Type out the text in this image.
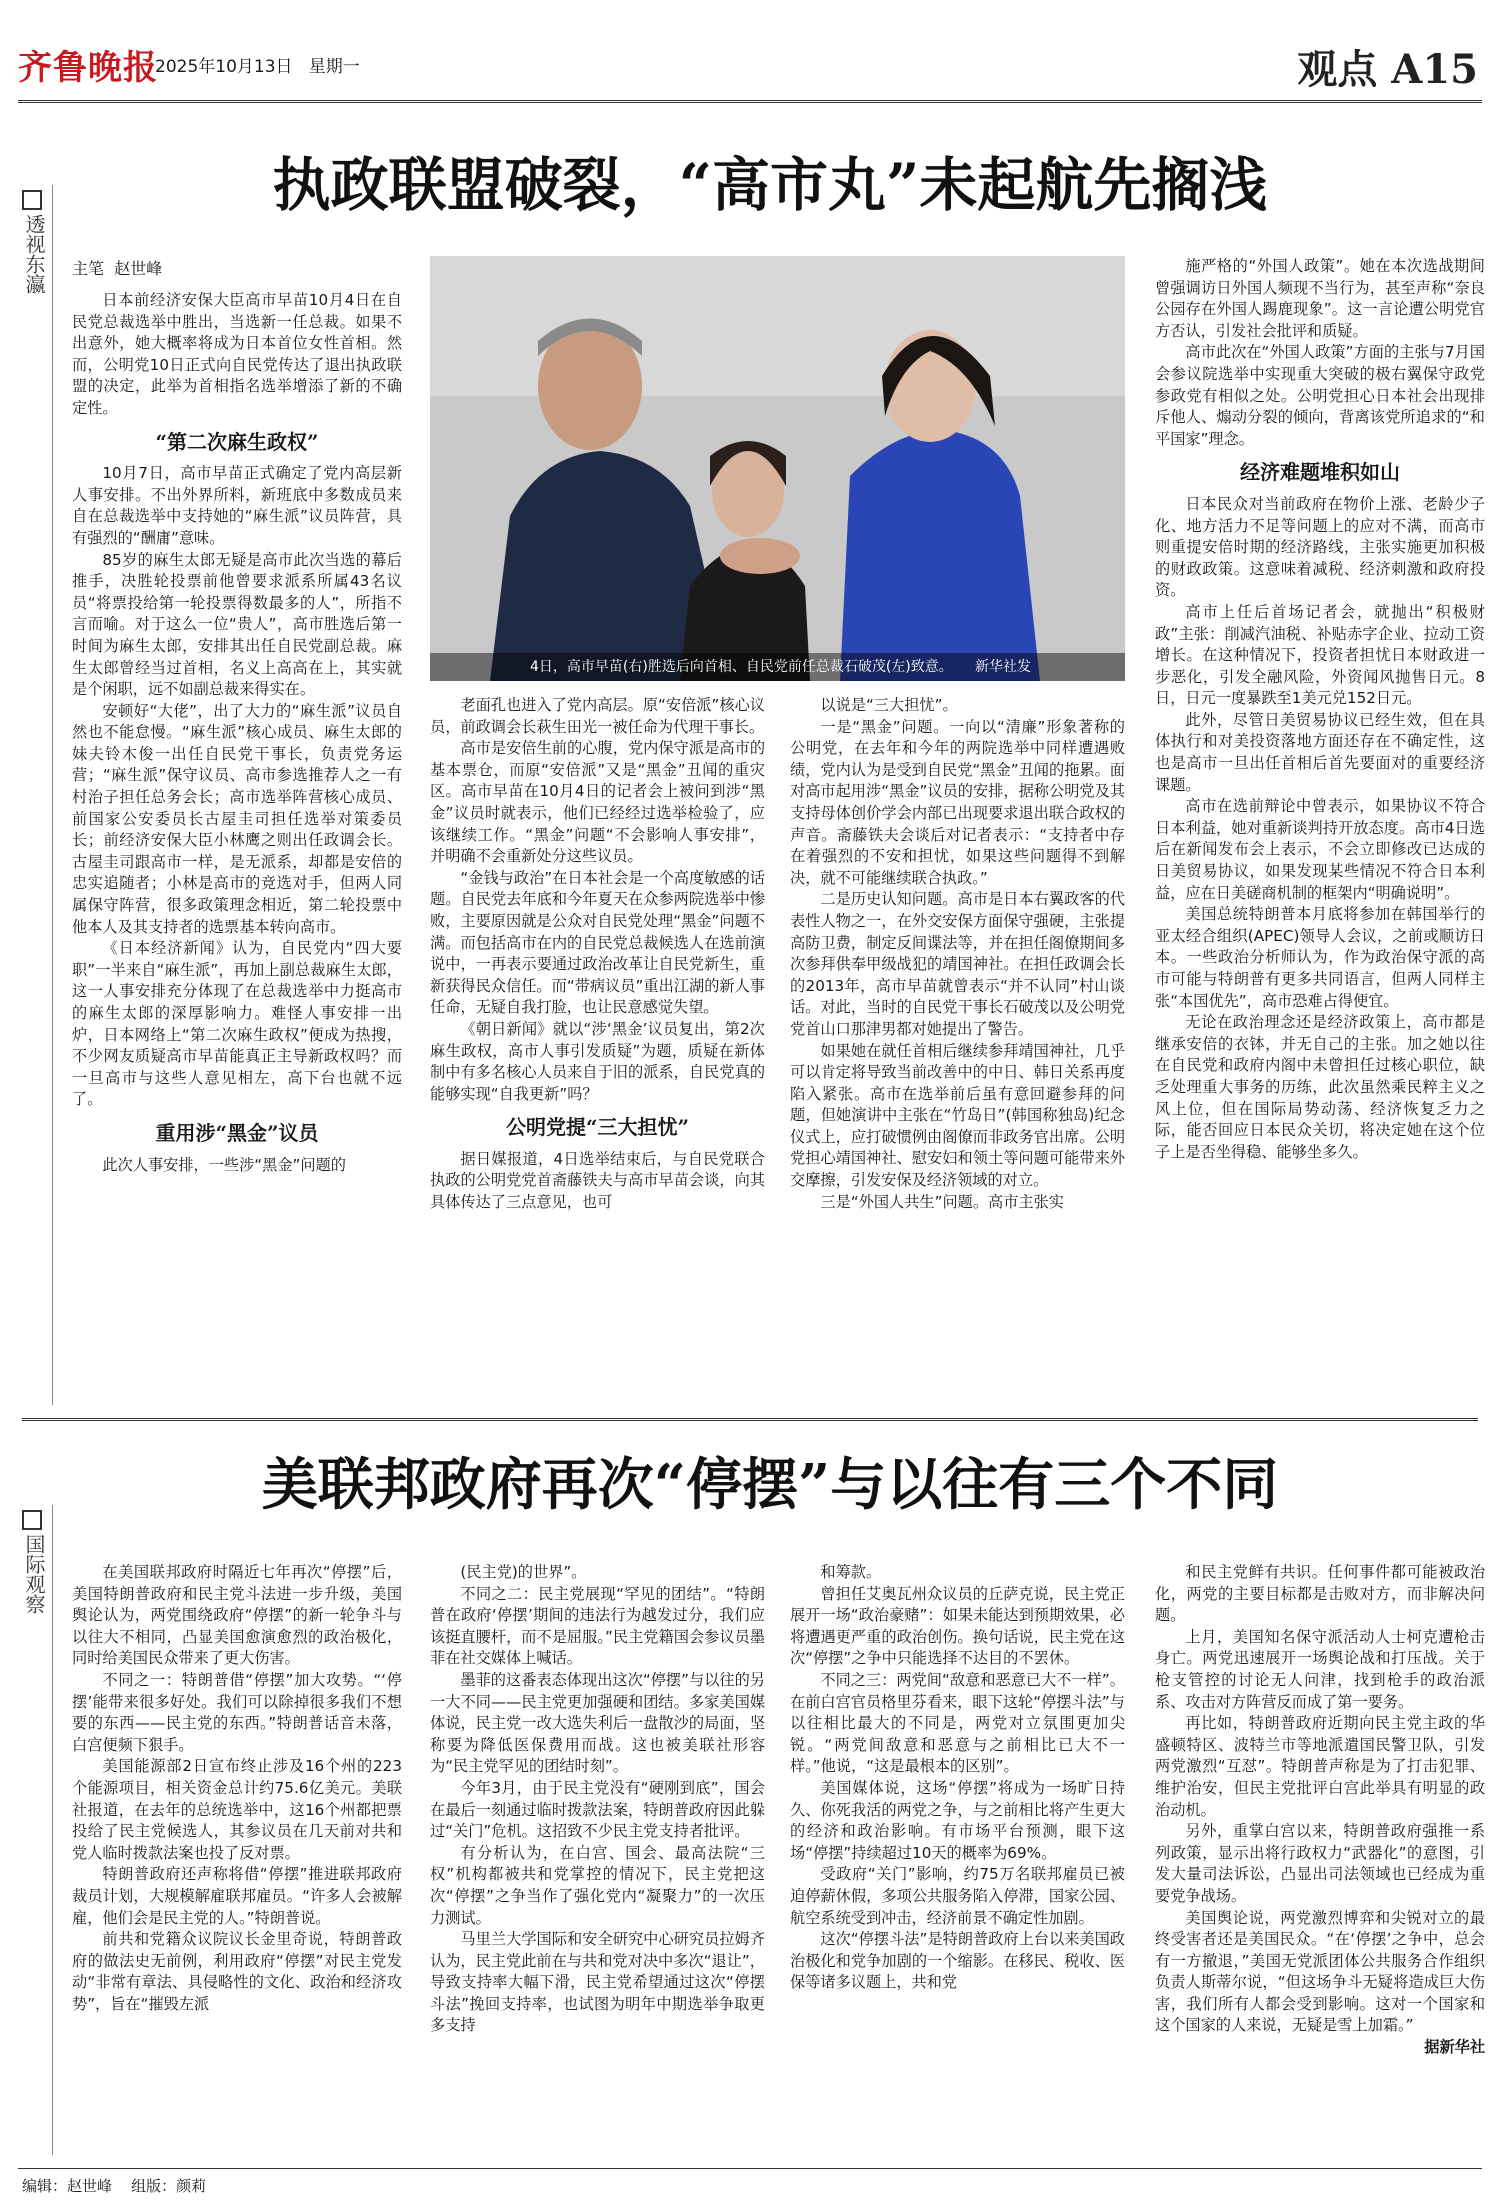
齐鲁晚报
2025年10月13日 星期一	观点 A15
透视东瀛
执政联盟破裂，“高市丸”未起航先搁浅
主笔 赵世峰

日本前经济安保大臣高市早苗10月4日在自民党总裁选举中胜出，当选新一任总裁。如果不出意外，她大概率将成为日本首位女性首相。然而，公明党10日正式向自民党传达了退出执政联盟的决定，此举为首相指名选举增添了新的不确定性。

“第二次麻生政权”

10月7日，高市早苗正式确定了党内高层新人事安排。不出外界所料，新班底中多数成员来自在总裁选举中支持她的“麻生派”议员阵营，具有强烈的“酬庸”意味。

85岁的麻生太郎无疑是高市此次当选的幕后推手，决胜轮投票前他曾要求派系所属43名议员“将票投给第一轮投票得数最多的人”，所指不言而喻。对于这么一位“贵人”，高市胜选后第一时间为麻生太郎，安排其出任自民党副总裁。麻生太郎曾经当过首相，名义上高高在上，其实就是个闲职，远不如副总裁来得实在。

安顿好“大佬”，出了大力的“麻生派”议员自然也不能怠慢。“麻生派”核心成员、麻生太郎的妹夫铃木俊一出任自民党干事长，负责党务运营；“麻生派”保守议员、高市参选推荐人之一有村治子担任总务会长；高市选举阵营核心成员、前国家公安委员长古屋圭司担任选举对策委员长；前经济安保大臣小林鹰之则出任政调会长。古屋圭司跟高市一样，是无派系，却都是安倍的忠实追随者；小林是高市的竞选对手，但两人同属保守阵营，很多政策理念相近，第二轮投票中他本人及其支持者的选票基本转向高市。

《日本经济新闻》认为，自民党内“四大要职”一半来自“麻生派”，再加上副总裁麻生太郎，这一人事安排充分体现了在总裁选举中力挺高市的麻生太郎的深厚影响力。难怪人事安排一出炉，日本网络上“第二次麻生政权”便成为热搜，不少网友质疑高市早苗能真正主导新政权吗？而一旦高市与这些人意见相左，高下台也就不远了。

重用涉“黑金”议员

此次人事安排，一些涉“黑金”问题的

4日，高市早苗(右)胜选后向首相、自民党前任总裁石破茂(左)致意。 新华社发

老面孔也进入了党内高层。原“安倍派”核心议员，前政调会长萩生田光一被任命为代理干事长。

高市是安倍生前的心腹，党内保守派是高市的基本票仓，而原“安倍派”又是“黑金”丑闻的重灾区。高市早苗在10月4日的记者会上被问到涉“黑金”议员时就表示，他们已经经过选举检验了，应该继续工作。“黑金”问题“不会影响人事安排”，并明确不会重新处分这些议员。

“金钱与政治”在日本社会是一个高度敏感的话题。自民党去年底和今年夏天在众参两院选举中惨败，主要原因就是公众对自民党处理“黑金”问题不满。而包括高市在内的自民党总裁候选人在选前演说中，一再表示要通过政治改革让自民党新生，重新获得民众信任。而“带病议员”重出江湖的新人事任命，无疑自我打脸，也让民意感觉失望。

《朝日新闻》就以“涉‘黑金’议员复出，第2次麻生政权，高市人事引发质疑”为题，质疑在新体制中有多名核心人员来自于旧的派系，自民党真的能够实现“自我更新”吗？

公明党提“三大担忧”

据日媒报道，4日选举结束后，与自民党联合执政的公明党党首斋藤铁夫与高市早苗会谈，向其具体传达了三点意见，也可

以说是“三大担忧”。

一是“黑金”问题。一向以“清廉”形象著称的公明党，在去年和今年的两院选举中同样遭遇败绩，党内认为是受到自民党“黑金”丑闻的拖累。面对高市起用涉“黑金”议员的安排，据称公明党及其支持母体创价学会内部已出现要求退出联合政权的声音。斋藤铁夫会谈后对记者表示：“支持者中存在着强烈的不安和担忧，如果这些问题得不到解决，就不可能继续联合执政。”

二是历史认知问题。高市是日本右翼政客的代表性人物之一，在外交安保方面保守强硬，主张提高防卫费，制定反间谍法等，并在担任阁僚期间多次参拜供奉甲级战犯的靖国神社。在担任政调会长的2013年，高市早苗就曾表示“并不认同”村山谈话。对此，当时的自民党干事长石破茂以及公明党党首山口那津男都对她提出了警告。

如果她在就任首相后继续参拜靖国神社，几乎可以肯定将导致当前改善中的中日、韩日关系再度陷入紧张。高市在选举前后虽有意回避参拜的问题，但她演讲中主张在“竹岛日”(韩国称独岛)纪念仪式上，应打破惯例由阁僚而非政务官出席。公明党担心靖国神社、慰安妇和领土等问题可能带来外交摩擦，引发安保及经济领域的对立。

三是“外国人共生”问题。高市主张实

施严格的“外国人政策”。她在本次选战期间曾强调访日外国人频现不当行为，甚至声称“奈良公园存在外国人踢鹿现象”。这一言论遭公明党官方否认，引发社会批评和质疑。

高市此次在“外国人政策”方面的主张与7月国会参议院选举中实现重大突破的极右翼保守政党参政党有相似之处。公明党担心日本社会出现排斥他人、煽动分裂的倾向，背离该党所追求的“和平国家”理念。

经济难题堆积如山

日本民众对当前政府在物价上涨、老龄少子化、地方活力不足等问题上的应对不满，而高市则重提安倍时期的经济路线，主张实施更加积极的财政政策。这意味着减税、经济刺激和政府投资。

高市上任后首场记者会，就抛出“积极财政”主张：削减汽油税、补贴赤字企业、拉动工资增长。在这种情况下，投资者担忧日本财政进一步恶化，引发全融风险，外资闻风抛售日元。8日，日元一度暴跌至1美元兑152日元。

此外，尽管日美贸易协议已经生效，但在具体执行和对美投资落地方面还存在不确定性，这也是高市一旦出任首相后首先要面对的重要经济课题。

高市在选前辩论中曾表示，如果协议不符合日本利益，她对重新谈判持开放态度。高市4日选后在新闻发布会上表示，不会立即修改已达成的日美贸易协议，如果发现某些情况不符合日本利益，应在日美磋商机制的框架内“明确说明”。

美国总统特朗普本月底将参加在韩国举行的亚太经合组织(APEC)领导人会议，之前或顺访日本。一些政治分析师认为，作为政治保守派的高市可能与特朗普有更多共同语言，但两人同样主张“本国优先”，高市恐难占得便宜。

无论在政治理念还是经济政策上，高市都是继承安倍的衣钵，并无自己的主张。加之她以往在自民党和政府内阁中未曾担任过核心职位，缺乏处理重大事务的历练，此次虽然乘民粹主义之风上位，但在国际局势动荡、经济恢复乏力之际，能否回应日本民众关切，将决定她在这个位子上是否坐得稳、能够坐多久。

国际观察
美联邦政府再次“停摆”与以往有三个不同

在美国联邦政府时隔近七年再次“停摆”后，美国特朗普政府和民主党斗法进一步升级，美国舆论认为，两党围绕政府“停摆”的新一轮争斗与以往大不相同，凸显美国愈演愈烈的政治极化，同时给美国民众带来了更大伤害。

不同之一：特朗普借“停摆”加大攻势。“‘停摆’能带来很多好处。我们可以除掉很多我们不想要的东西——民主党的东西。”特朗普话音未落，白宫便频下狠手。

美国能源部2日宣布终止涉及16个州的223个能源项目，相关资金总计约75.6亿美元。美联社报道，在去年的总统选举中，这16个州都把票投给了民主党候选人，其参议员在几天前对共和党人临时拨款法案也投了反对票。

特朗普政府还声称将借“停摆”推进联邦政府裁员计划，大规模解雇联邦雇员。“许多人会被解雇，他们会是民主党的人。”特朗普说。

前共和党籍众议院议长金里奇说，特朗普政府的做法史无前例，利用政府“停摆”对民主党发动“非常有章法、具侵略性的文化、政治和经济攻势”，旨在“摧毁左派

(民主党)的世界”。

不同之二：民主党展现“罕见的团结”。“特朗普在政府‘停摆’期间的违法行为越发过分，我们应该挺直腰杆，而不是屈服。”民主党籍国会参议员墨菲在社交媒体上喊话。

墨菲的这番表态体现出这次“停摆”与以往的另一大不同——民主党更加强硬和团结。多家美国媒体说，民主党一改大选失利后一盘散沙的局面，坚称要为降低医保费用而战。这也被美联社形容为“民主党罕见的团结时刻”。

今年3月，由于民主党没有“硬刚到底”，国会在最后一刻通过临时拨款法案，特朗普政府因此躲过“关门”危机。这招致不少民主党支持者批评。

有分析认为，在白宫、国会、最高法院“三权”机构都被共和党掌控的情况下，民主党把这次“停摆”之争当作了强化党内“凝聚力”的一次压力测试。

马里兰大学国际和安全研究中心研究员拉姆齐认为，民主党此前在与共和党对决中多次“退让”，导致支持率大幅下滑，民主党希望通过这次“停摆斗法”挽回支持率，也试图为明年中期选举争取更多支持

和筹款。

曾担任艾奥瓦州众议员的丘萨克说，民主党正展开一场“政治豪赌”：如果未能达到预期效果，必将遭遇更严重的政治创伤。换句话说，民主党在这次“停摆”之争中只能选择不达目的不罢休。

不同之三：两党间“敌意和恶意已大不一样”。在前白宫官员格里芬看来，眼下这轮“停摆斗法”与以往相比最大的不同是，两党对立氛围更加尖锐。“两党间敌意和恶意与之前相比已大不一样。”他说，“这是最根本的区别”。

美国媒体说，这场“停摆”将成为一场旷日持久、你死我活的两党之争，与之前相比将产生更大的经济和政治影响。有市场平台预测，眼下这场“停摆”持续超过10天的概率为69%。

受政府“关门”影响，约75万名联邦雇员已被迫停薪休假，多项公共服务陷入停滞，国家公园、航空系统受到冲击，经济前景不确定性加剧。

这次“停摆斗法”是特朗普政府上台以来美国政治极化和党争加剧的一个缩影。在移民、税收、医保等诸多议题上，共和党

和民主党鲜有共识。任何事件都可能被政治化，两党的主要目标都是击败对方，而非解决问题。

上月，美国知名保守派活动人士柯克遭枪击身亡。两党迅速展开一场舆论战和打压战。关于枪支管控的讨论无人问津，找到枪手的政治派系、攻击对方阵营反而成了第一要务。

再比如，特朗普政府近期向民主党主政的华盛顿特区、波特兰市等地派遣国民警卫队，引发两党激烈“互怼”。特朗普声称是为了打击犯罪、维护治安，但民主党批评白宫此举具有明显的政治动机。

另外，重掌白宫以来，特朗普政府强推一系列政策，显示出将行政权力“武器化”的意图，引发大量司法诉讼，凸显出司法领域也已经成为重要党争战场。

美国舆论说，两党激烈博弈和尖锐对立的最终受害者还是美国民众。“在‘停摆’之争中，总会有一方撤退，”美国无党派团体公共服务合作组织负责人斯蒂尔说，“但这场争斗无疑将造成巨大伤害，我们所有人都会受到影响。这对一个国家和这个国家的人来说，无疑是雪上加霜。”

据新华社

编辑：赵世峰 组版：颜莉
